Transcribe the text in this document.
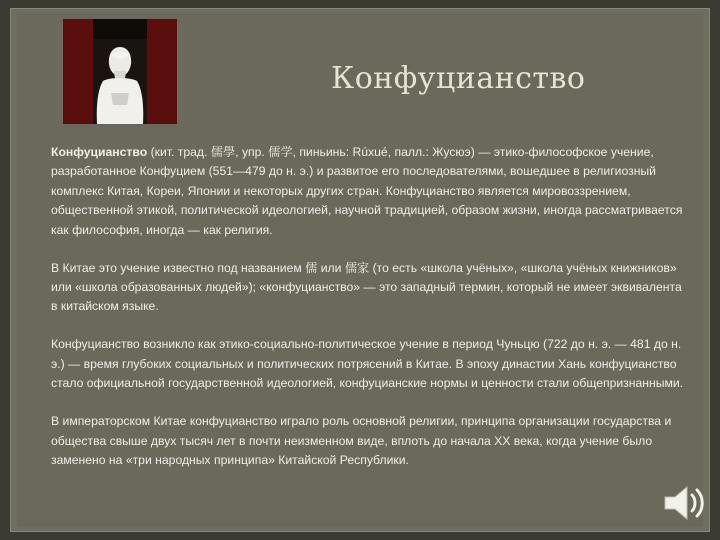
Конфуцианство

Конфуцианство (кит. трад. 儒學, упр. 儒学, пиньинь: Rúxué, палл.: Жусюэ) — этико-философское учение, разработанное Конфуцием (551—479 до н. э.) и развитое его последователями, вошедшее в религиозный комплекс Китая, Кореи, Японии и некоторых других стран. Конфуцианство является мировоззрением, общественной этикой, политической идеологией, научной традицией, образом жизни, иногда рассматривается как философия, иногда — как религия.

В Китае это учение известно под названием 儒 или 儒家 (то есть «школа учёных», «школа учёных книжников» или «школа образованных людей»); «конфуцианство» — это западный термин, который не имеет эквивалента в китайском языке.

Конфуцианство возникло как этико-социально-политическое учение в период Чуньцю (722 до н. э. — 481 до н. э.) — время глубоких социальных и политических потрясений в Китае. В эпоху династии Хань конфуцианство стало официальной государственной идеологией, конфуцианские нормы и ценности стали общепризнанными.

В императорском Китае конфуцианство играло роль основной религии, принципа организации государства и общества свыше двух тысяч лет в почти неизменном виде, вплоть до начала XX века, когда учение было заменено на «три народных принципа» Китайской Республики.
